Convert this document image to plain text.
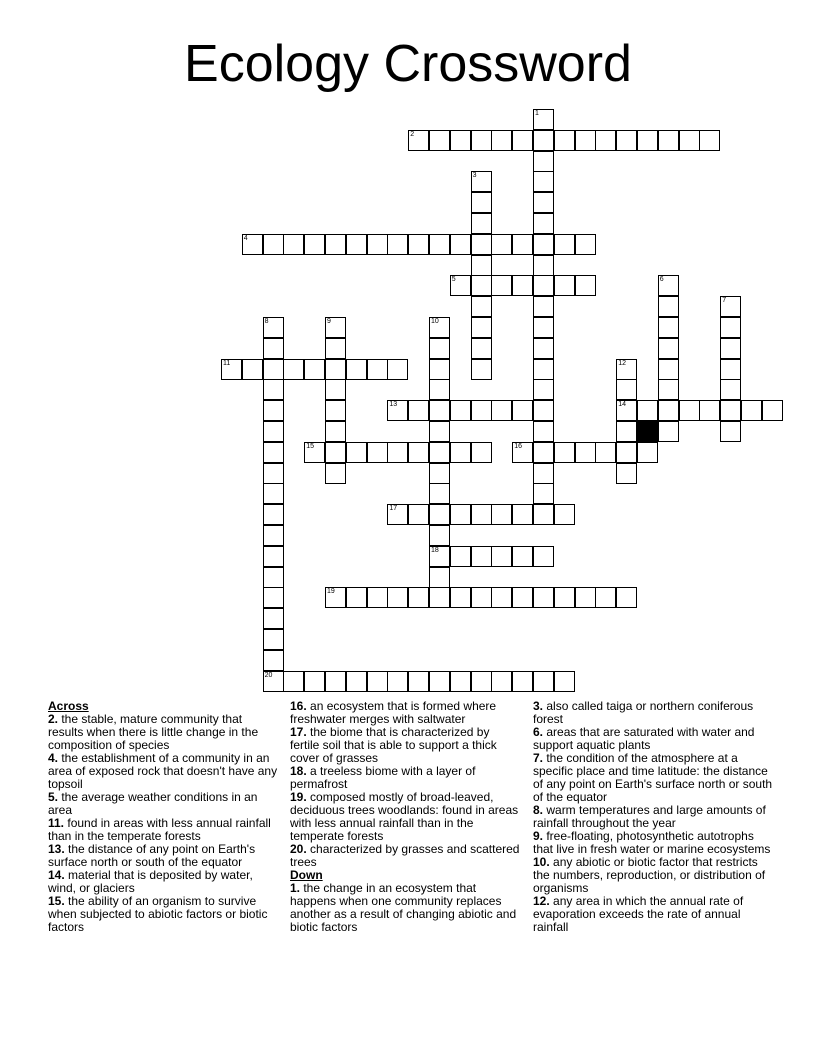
Ecology Crossword
1
2
3
4
5	6
7
8	9	10
18
11	12
14
13
15	16
17
19
20
Across
2. the stable, mature community that results when there is little change in the composition of species
4. the establishment of a community in an area of exposed rock that doesn't have any topsoil
5. the average weather conditions in an area
11. found in areas with less annual rainfall than in the temperate forests
13. the distance of any point on Earth's surface north or south of the equator
14. material that is deposited by water, wind, or glaciers
15. the ability of an organism to survive when subjected to abiotic factors or biotic factors
16. an ecosystem that is formed where freshwater merges with saltwater
17. the biome that is characterized by fertile soil that is able to support a thick cover of grasses
18. a treeless biome with a layer of permafrost
19. composed mostly of broad-leaved, deciduous trees woodlands: found in areas with less annual rainfall than in the temperate forests
20. characterized by grasses and scattered trees
Down
1. the change in an ecosystem that happens when one community replaces another as a result of changing abiotic and biotic factors
3. also called taiga or northern coniferous forest
6. areas that are saturated with water and support aquatic plants
7. the condition of the atmosphere at a specific place and time latitude: the distance of any point on Earth's surface north or south of the equator
8. warm temperatures and large amounts of rainfall throughout the year
9. free-floating, photosynthetic autotrophs that live in fresh water or marine ecosystems
10. any abiotic or biotic factor that restricts the numbers, reproduction, or distribution of organisms
12. any area in which the annual rate of evaporation exceeds the rate of annual rainfall
